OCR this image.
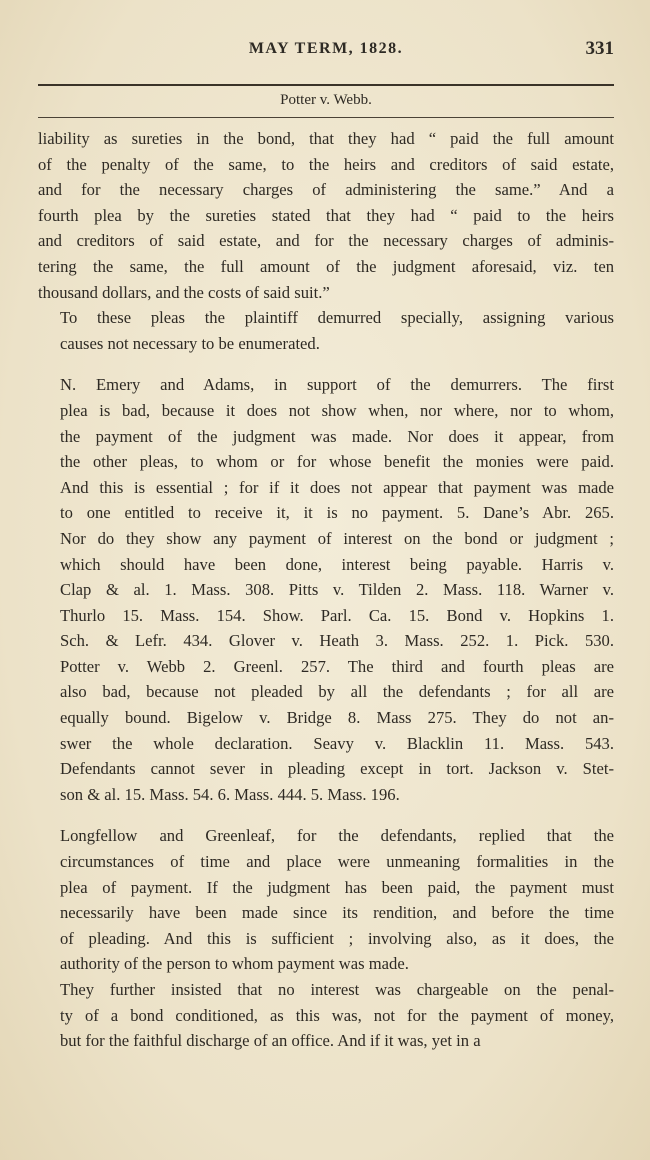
MAY TERM, 1828.	331
Potter v. Webb.
liability as sureties in the bond, that they had “ paid the full amount
of the penalty of the same, to the heirs and creditors of said estate,
and for the necessary charges of administering the same.” And a
fourth plea by the sureties stated that they had “ paid to the heirs
and creditors of said estate, and for the necessary charges of adminis-
tering the same, the full amount of the judgment aforesaid, viz. ten
thousand dollars, and the costs of said suit.”
To these pleas the plaintiff demurred specially, assigning various
causes not necessary to be enumerated.
N. Emery and Adams, in support of the demurrers. The first
plea is bad, because it does not show when, nor where, nor to whom,
the payment of the judgment was made. Nor does it appear, from
the other pleas, to whom or for whose benefit the monies were paid.
And this is essential ; for if it does not appear that payment was made
to one entitled to receive it, it is no payment. 5. Dane’s Abr. 265.
Nor do they show any payment of interest on the bond or judgment ;
which should have been done, interest being payable. Harris v.
Clap & al. 1. Mass. 308. Pitts v. Tilden 2. Mass. 118. Warner v.
Thurlo 15. Mass. 154. Show. Parl. Ca. 15. Bond v. Hopkins 1.
Sch. & Lefr. 434. Glover v. Heath 3. Mass. 252. 1. Pick. 530.
Potter v. Webb 2. Greenl. 257. The third and fourth pleas are
also bad, because not pleaded by all the defendants ; for all are
equally bound. Bigelow v. Bridge 8. Mass 275. They do not an-
swer the whole declaration. Seavy v. Blacklin 11. Mass. 543.
Defendants cannot sever in pleading except in tort. Jackson v. Stet-
son & al. 15. Mass. 54. 6. Mass. 444. 5. Mass. 196.
Longfellow and Greenleaf, for the defendants, replied that the
circumstances of time and place were unmeaning formalities in the
plea of payment. If the judgment has been paid, the payment must
necessarily have been made since its rendition, and before the time
of pleading. And this is sufficient ; involving also, as it does, the
authority of the person to whom payment was made.
They further insisted that no interest was chargeable on the penal-
ty of a bond conditioned, as this was, not for the payment of money,
but for the faithful discharge of an office. And if it was, yet in a
